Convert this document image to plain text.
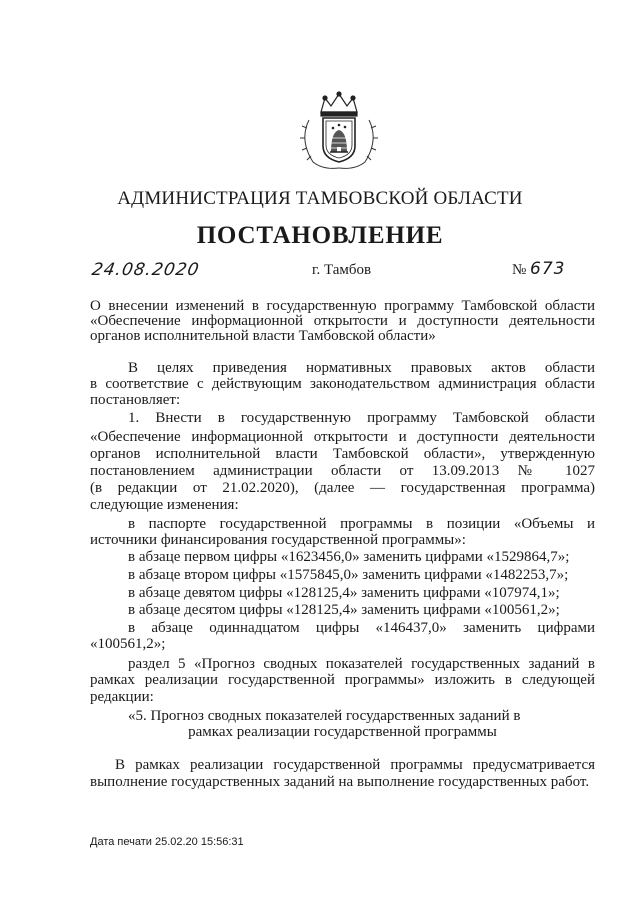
АДМИНИСТРАЦИЯ ТАМБОВСКОЙ ОБЛАСТИ
ПОСТАНОВЛЕНИЕ
24.08.2020	г. Тамбов	№ 673
О внесении изменений в государственную программу Тамбовской области
«Обеспечение информационной открытости и доступности деятельности
органов исполнительной власти Тамбовской области»
В целях приведения нормативных правовых актов области
в соответствие с действующим законодательством администрация области
постановляет:
1. Внести в государственную программу Тамбовской области
«Обеспечение информационной открытости и доступности деятельности
органов исполнительной власти Тамбовской области», утвержденную
постановлением администрации области от 13.09.2013 № 1027
(в редакции от 21.02.2020), (далее — государственная программа)
следующие изменения:
в паспорте государственной программы в позиции «Объемы и
источники финансирования государственной программы»:
в абзаце первом цифры «1623456,0» заменить цифрами «1529864,7»;
в абзаце втором цифры «1575845,0» заменить цифрами «1482253,7»;
в абзаце девятом цифры «128125,4» заменить цифрами «107974,1»;
в абзаце десятом цифры «128125,4» заменить цифрами «100561,2»;
в абзаце одиннадцатом цифры «146437,0» заменить цифрами
«100561,2»;
раздел 5 «Прогноз сводных показателей государственных заданий в
рамках реализации государственной программы» изложить в следующей
редакции:
«5. Прогноз сводных показателей государственных заданий в
рамках реализации государственной программы
В рамках реализации государственной программы предусматривается
выполнение государственных заданий на выполнение государственных работ.
Дата печати 25.02.20 15:56:31
